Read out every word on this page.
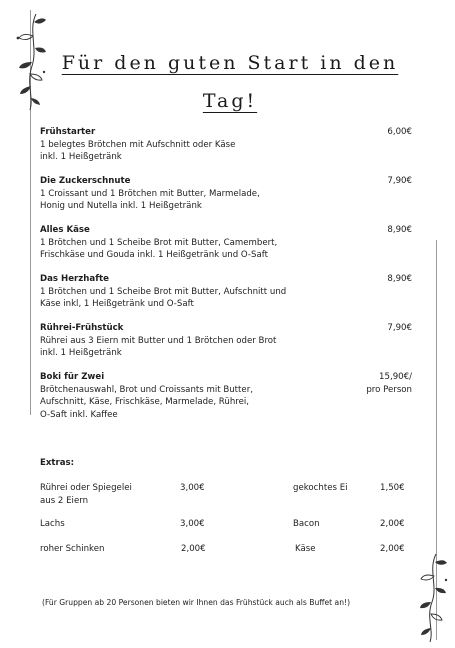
Für den guten Start in den
Tag!
Frühstarter
1 belegtes Brötchen mit Aufschnitt oder Käse
inkl. 1 Heißgetränk
6,00€
Die Zuckerschnute
1 Croissant und 1 Brötchen mit Butter, Marmelade,
Honig und Nutella inkl. 1 Heißgetränk
7,90€
Alles Käse
1 Brötchen und 1 Scheibe Brot mit Butter, Camembert,
Frischkäse und Gouda inkl. 1 Heißgetränk und O-Saft
8,90€
Das Herzhafte
1 Brötchen und 1 Scheibe Brot mit Butter, Aufschnitt und
Käse inkl, 1 Heißgetränk und O-Saft
8,90€
Rührei-Frühstück
Rührei aus 3 Eiern mit Butter und 1 Brötchen oder Brot
inkl. 1 Heißgetränk
7,90€
Boki für Zwei
Brötchenauswahl, Brot und Croissants mit Butter,
Aufschnitt, Käse, Frischkäse, Marmelade, Rührei,
O-Saft inkl. Kaffee
15,90€/
pro Person
Extras:
Rührei oder Spiegelei
aus 2 Eiern
3,00€	gekochtes Ei	1,50€
Lachs	3,00€	Bacon	2,00€
roher Schinken	2,00€	Käse	2,00€
(Für Gruppen ab 20 Personen bieten wir Ihnen das Frühstück auch als Buffet an!)
